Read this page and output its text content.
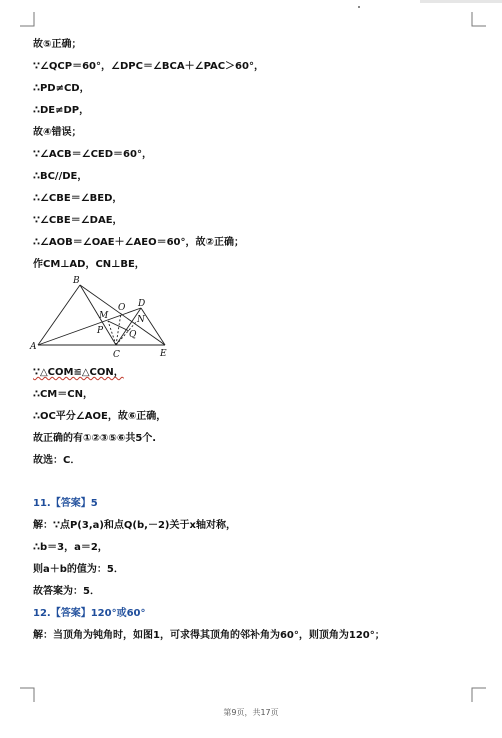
故⑤正确；
∵∠QCP＝60°，∠DPC＝∠BCA＋∠PAC＞60°，
∴PD≠CD，
∴DE≠DP，
故④错误；
∵∠ACB＝∠CED＝60°，
∴BC//DE，
∴∠CBE＝∠BED，
∵∠CBE＝∠DAE，
∴∠AOB＝∠OAE＋∠AEO＝60°，故②正确；
作CM⊥AD，CN⊥BE，
∵△COM≌△CON，
∴CM＝CN，
∴OC平分∠AOE，故⑥正确，
故正确的有①②③⑤⑥共5个.
故选：C．
11.【答案】5
解：∵点P(3,a)和点Q(b,－2)关于x轴对称，
∴b＝3，a＝2，
则a＋b的值为：5．
故答案为：5．
12.【答案】120°或60°
解：当顶角为钝角时，如图1，可求得其顶角的邻补角为60°，则顶角为120°；
A
B
C
D
E
M	N
O
P	Q
第9页，共17页
